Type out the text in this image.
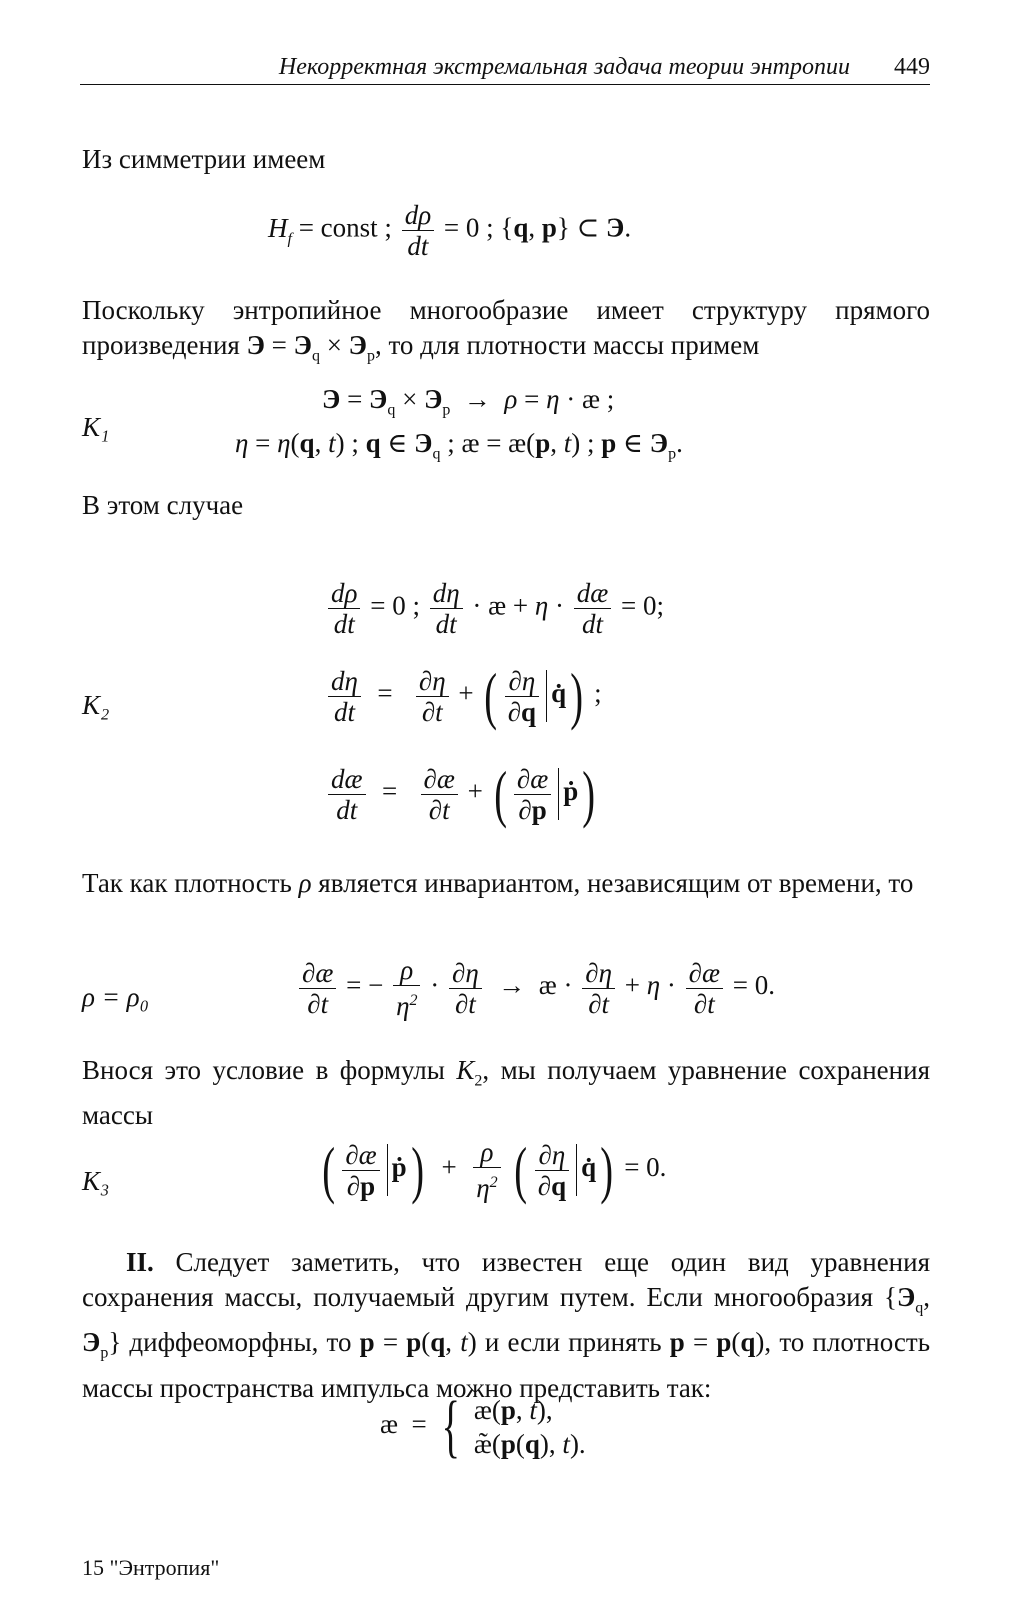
Некорректная экстремальная задача теории энтропии 449

Из симметрии имеем

$H_f$ = const ; $\frac{d\rho}{dt} = 0$ ; {q, p} ⊂ Э.

Поскольку энтропийное многообразие имеет структуру прямого произведения $Э = Э_q \times Э_p$, то для плотности массы примем

K₁
$Э = Э_q \times Э_p \to \rho = \eta$ · æ ;
η = η(q, t) ; q ∈ $Э_q$ ; æ = æ(p, t) ; p ∈ $Э_p$.

В этом случае

K₂
$\frac{d\rho}{dt} = 0$ ; $\frac{d\eta}{dt}$ · æ + $\eta \cdot \frac{dæ}{dt} = 0$;
$\frac{d\eta}{dt} = \frac{\partial\eta}{\partial t}$ + ( $\frac{\partial\eta}{\partial q}$ q̇) ;
$\frac{dæ}{dt} = \frac{\partial æ}{\partial t}$ + ( $\frac{\partial æ}{\partial p}$ ṗ)

Так как плотность ρ является инвариантом, независящим от времени, то

ρ = ρ₀	$\frac{\partial æ}{\partial t}$ = − $\frac{\rho}{\eta^2} \cdot \frac{\partial\eta}{\partial t}$ →  æ · $\frac{\partial\eta}{\partial t} + \eta \cdot \frac{\partial æ}{\partial t} = 0$.

Внося это условие в формулы $K_2$, мы получаем уравнение сохранения массы

K₃	( $\frac{\partial æ}{\partial p}$ ṗ)  + $\frac{\rho}{\eta^2}$ ( $\frac{\partial\eta}{\partial q}$ q̇) = 0.

II. Следует заметить, что известен еще один вид уравнения сохранения массы, получаемый другим путем. Если многообразия {$Э_q$, $Э_p$} диффеоморфны, то p = p(q, t) и если принять p = p(q), то плотность массы пространства импульса можно представить так:

æ  = { æ(p, t),
æ̃(p(q), t).
15 "Энтропия"
